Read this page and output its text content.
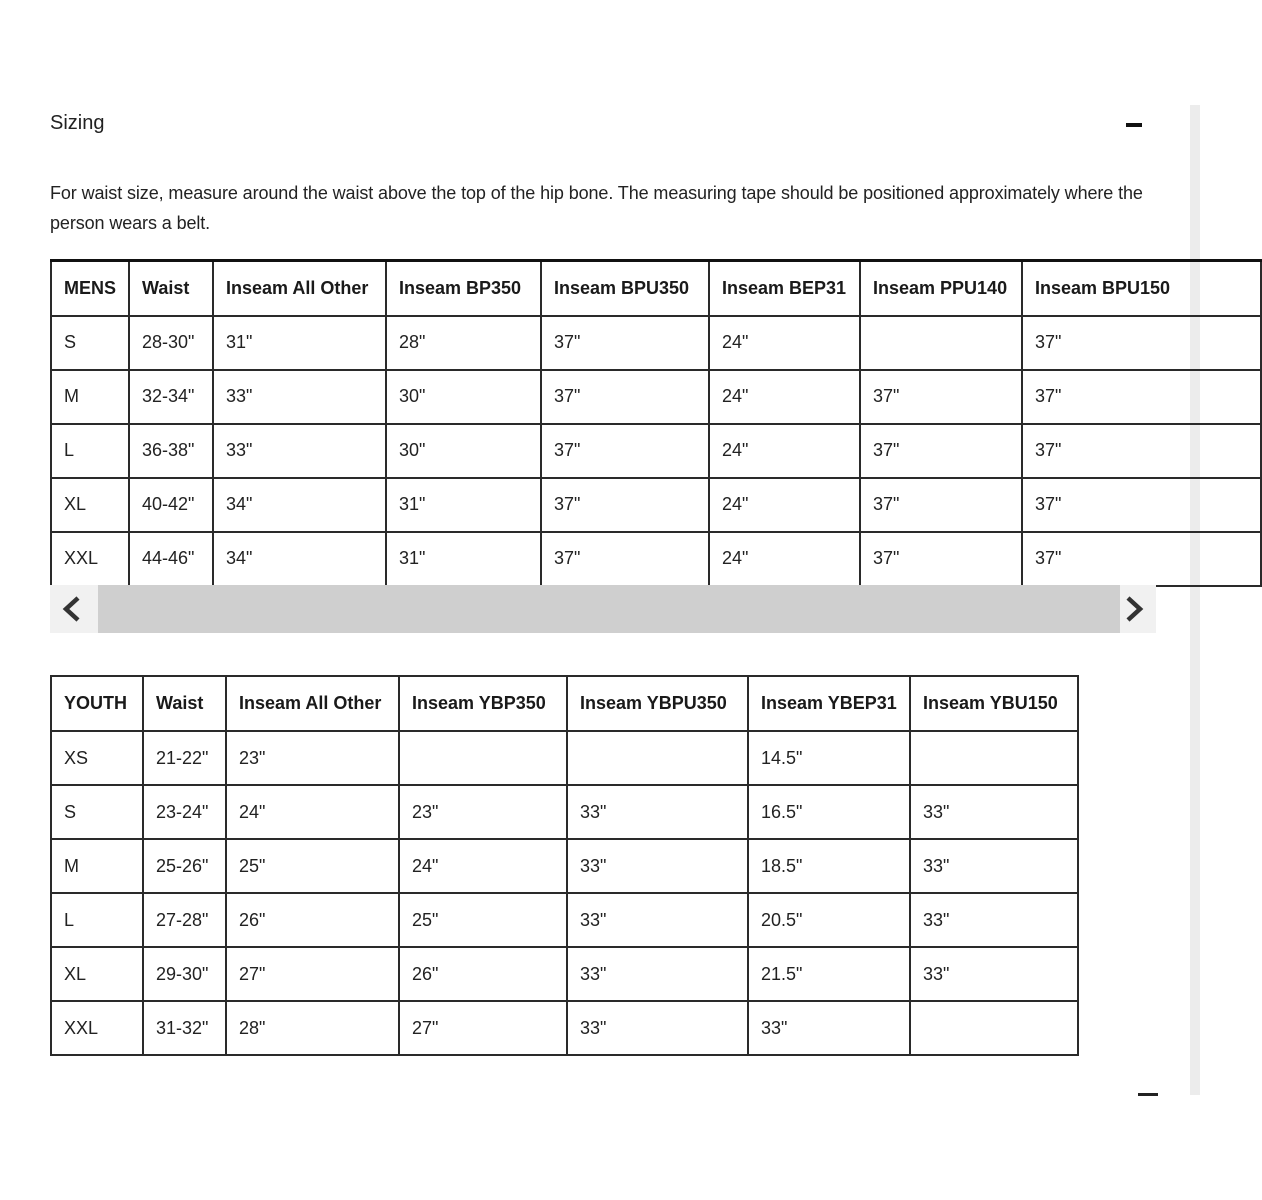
Sizing

For waist size, measure around the waist above the top of the hip bone. The measuring tape should be positioned approximately where the person wears a belt.

MENS	Waist	Inseam All Other	Inseam BP350	Inseam BPU350	Inseam BEP31	Inseam PPU140	Inseam BPU150
S	28-30"	31"	28"	37"	24"		37"
M	32-34"	33"	30"	37"	24"	37"	37"
L	36-38"	33"	30"	37"	24"	37"	37"
XL	40-42"	34"	31"	37"	24"	37"	37"
XXL	44-46"	34"	31"	37"	24"	37"	37"
YOUTH	Waist	Inseam All Other	Inseam YBP350	Inseam YBPU350	Inseam YBEP31	Inseam YBU150
XS	21-22"	23"			14.5"	
S	23-24"	24"	23"	33"	16.5"	33"
M	25-26"	25"	24"	33"	18.5"	33"
L	27-28"	26"	25"	33"	20.5"	33"
XL	29-30"	27"	26"	33"	21.5"	33"
XXL	31-32"	28"	27"	33"	33"	
